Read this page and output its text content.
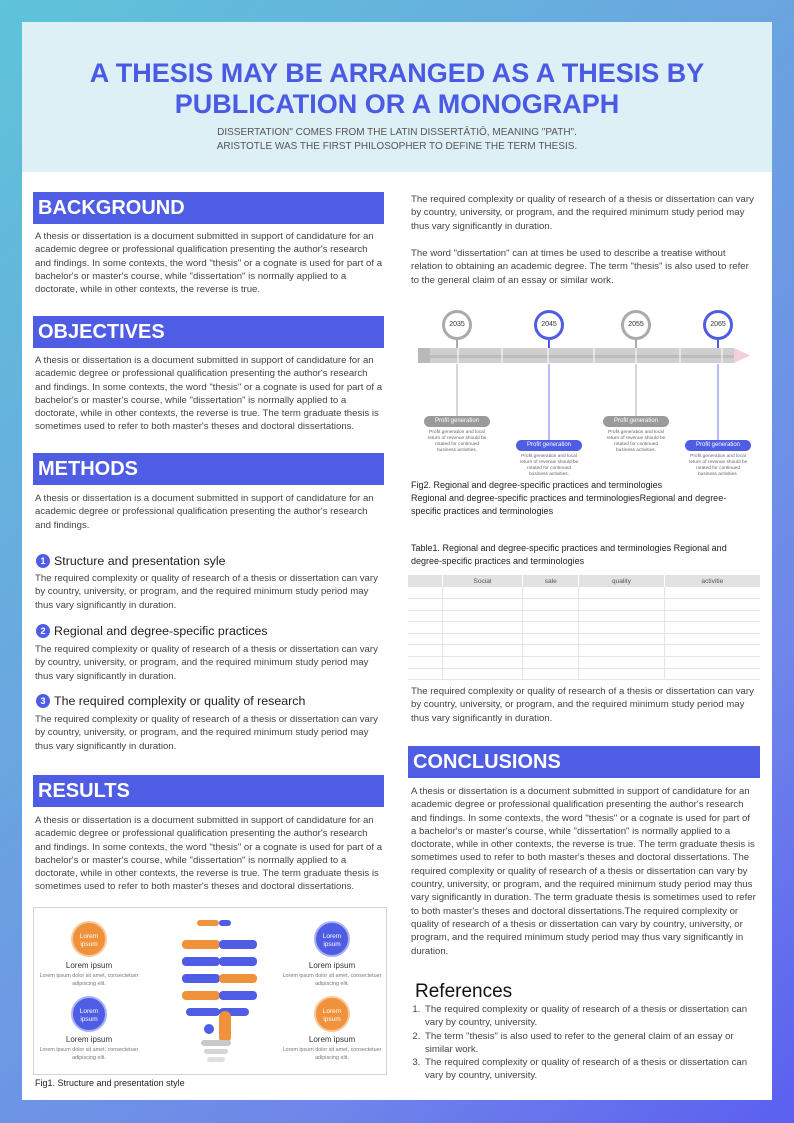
A THESIS MAY BE ARRANGED AS A THESIS BY PUBLICATION OR A MONOGRAPH
DISSERTATION" COMES FROM THE LATIN DISSERTĀTIŌ, MEANING "PATH".
ARISTOTLE WAS THE FIRST PHILOSOPHER TO DEFINE THE TERM THESIS.
BACKGROUND
A thesis or dissertation is a document submitted in support of candidature for an academic degree or professional qualification presenting the author's research and findings. In some contexts, the word "thesis" or a cognate is used for part of a bachelor's or master's course, while "dissertation" is normally applied to a doctorate, while in other contexts, the reverse is true.
OBJECTIVES
A thesis or dissertation is a document submitted in support of candidature for an academic degree or professional qualification presenting the author's research and findings. In some contexts, the word "thesis" or a cognate is used for part of a bachelor's or master's course, while "dissertation" is normally applied to a doctorate, while in other contexts, the reverse is true. The term graduate thesis is sometimes used to refer to both master's theses and doctoral dissertations.
METHODS
A thesis or dissertation is a document submitted in support of candidature for an academic degree or professional qualification presenting the author's research and findings.
1 Structure and presentation syle
The required complexity or quality of research of a thesis or dissertation can vary by country, university, or program, and the required minimum study period may thus vary significantly in duration.
2 Regional and degree-specific practices
The required complexity or quality of research of a thesis or dissertation can vary by country, university, or program, and the required minimum study period may thus vary significantly in duration.
3 The required complexity or quality of research
The required complexity or quality of research of a thesis or dissertation can vary by country, university, or program, and the required minimum study period may thus vary significantly in duration.
RESULTS
A thesis or dissertation is a document submitted in support of candidature for an academic degree or professional qualification presenting the author's research and findings. In some contexts, the word "thesis" or a cognate is used for part of a bachelor's or master's course, while "dissertation" is normally applied to a doctorate, while in other contexts, the reverse is true. The term graduate thesis is sometimes used to refer to both master's theses and doctoral dissertations.
Lorem ipsum
Lorem ipsum
Lorem ipsum dolor sit amet, consectetuer adipiscing elit.
Lorem ipsum
Lorem ipsum
Lorem ipsum dolor sit amet, consectetuer adipiscing elit.
Lorem ipsum
Lorem ipsum
Lorem ipsum dolor sit amet, consectetuer adipiscing elit.
Lorem ipsum
Lorem ipsum
Lorem ipsum dolor sit amet, consectetuer adipiscing elit.
Fig1. Structure and presentation style
The required complexity or quality of research of a thesis or dissertation can vary by country, university, or program, and the required minimum study period may thus vary significantly in duration.
The word "dissertation" can at times be used to describe a treatise without relation to obtaining an academic degree. The term "thesis" is also used to refer to the general claim of an essay or similar work.
2035	2045	2055	2065
Profit generation
Profit generation and local return of revenue should be rotated for continued business activities.
Profit generation
Profit generation and local return of revenue should be rotated for continued business activities.
Profit generation
Profit generation and local return of revenue should be rotated for continued business activities.
Profit generation
Profit generation and local return of revenue should be rotated for continued business activities.
Fig2. Regional and degree-specific practices and terminologies
Regional and degree-specific practices and terminologiesRegional and degree-specific practices and terminologies
Table1. Regional and degree-specific practices and terminologies Regional and degree-specific practices and terminologies
	Social	sale	quality	activitie

The required complexity or quality of research of a thesis or dissertation can vary by country, university, or program, and the required minimum study period may thus vary significantly in duration.
CONCLUSIONS
A thesis or dissertation is a document submitted in support of candidature for an academic degree or professional qualification presenting the author's research and findings. In some contexts, the word "thesis" or a cognate is used for part of a bachelor's or master's course, while "dissertation" is normally applied to a doctorate, while in other contexts, the reverse is true. The term graduate thesis is sometimes used to refer to both master's theses and doctoral dissertations. The required complexity or quality of research of a thesis or dissertation can vary by country, university, or program, and the required minimum study period may thus vary significantly in duration. The term graduate thesis is sometimes used to refer to both master's theses and doctoral dissertations.The required complexity or quality of research of a thesis or dissertation can vary by country, university, or program, and the required minimum study period may thus vary significantly in duration.
References
1. The required complexity or quality of research of a thesis or dissertation can vary by country, university.
2. The term "thesis" is also used to refer to the general claim of an essay or similar work.
3. The required complexity or quality of research of a thesis or dissertation can vary by country, university.
